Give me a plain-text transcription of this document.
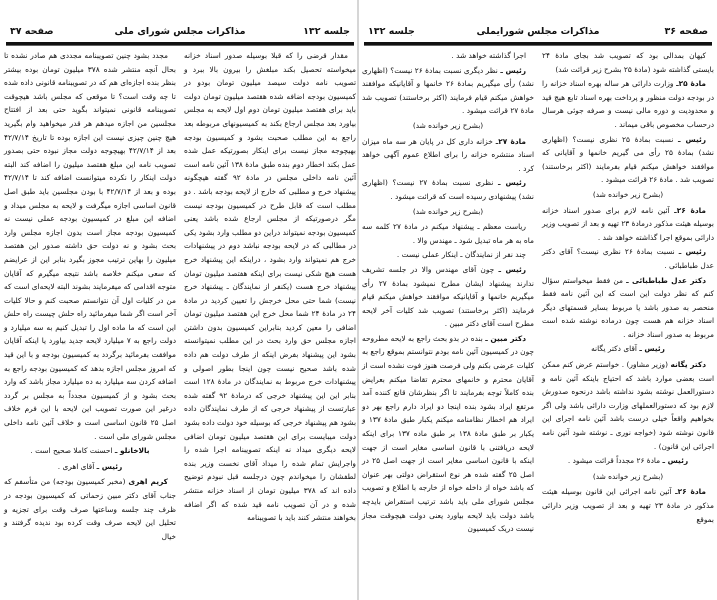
جلسه ۱۳۲
مذاکرات مجلس شورای ملی
صفحه ۳۷

مقدار قرضی را که قبلا بوسیله صدور اسناد خزانه میخواسته تحصیل بکند مبلغش را بیرون بالا ببرد و تصویب نامه دولت سیصد میلیون تومان بودو در کمیسیون بودجه اضافه شده هفتصد میلیون تومان دولت باید برای هفتصد میلیون تومان دوم اول لایحه به مجلس بیاورد بعد مجلس ارجاع بکند به کمیسیونهای مربوطه بعد راجع به این مطلب صحبت بشود و کمیسیون بودجه بهیچوجه مجاز نیست برای اینکار بصورتیکه عمل شده عمل بکند اخطار دوم بنده طبق مادهٔ ۱۳۸ آئین نامه است آئین نامه داخلی مجلس در مادهٔ ۹۲ گفته هیچگونه پیشنهاد خرج و مطلبی که خارج از لایحه بودجه باشد . دو مطلب است که قابل طرح در کمیسیون بودجه نیست مگر درصورتیکه از مجلس ارجاع شده باشد یعنی کمیسیون بودجه نمیتواند دراین دو مطلب وارد بشود یکی در مطالبی که در لایحه بودجه نباشد دوم در پیشنهادات خرج هم نمیتواند وارد بشود ، دراینکه این پیشنهاد خرج هست هیچ شکی نیست برای اینکه هفتصد میلیون تومان پیشنهاد خرج هست (یکنفر از نمایندگان ـ پیشنهاد خرج نیست) شما حتی محل خرجش را تعیین کردید در مادهٔ ۲۴ در مادهٔ ۲۴ شما محل خرج این هفتصد میلیون تومان اضافی را معین کردید بنابراین کمیسیون بدون داشتن اجازه مجلس حق وارد بحث در این مطلب نمیتوانسته بشود این پیشنهاد بفرض اینکه از طرف دولت هم داده شده باشد صحیح نیست چون اینجا بطور اصولی و پیشنهادات خرج مربوط به نمایندگان در مادهٔ ۱۲۸ است بنابر این این پیشنهاد خرجی که درمادهٔ ۹۲ گفته شده عبارتست از پیشنهاد خرجی که از طرف نمایندگان داده بشود هم پیشنهاد خرجی که بوسیله خود دولت داده بشود دولت میبایست برای این هفتصد میلیون تومان اضافی لایحه دیگری میداد نه اینکه تصویبنامه اجرا شده را واجرایش تمام شده را میداد آقای نخست وزیر بنده لطفشان را میخواندم چون درجلسه قبل نبودم توضیح داده اند که ۳۷۸ میلیون تومان از اسناد خزانه منتشر شده و در آن تصویب نامه قید شده که اگر اضافه بخواهند منتشر کنند باید با تصویبنامه

مجدد بشود چنین تصویبنامه مجددی هم صادر نشده تا بحال آنچه منتشر شده ۳۷۸ میلیون تومان بوده بیشتر بنظر بنده اجازه‌ای هم که در تصویبنامه قانونی داده شده تا چه وقت است؟ تا موقعی که مجلس باشد هیچوقت تصویبنامه قانونی نمیتواند بگوید حتی بعد از افتتاح مجلسین من اجازه میدهم هر قدر میخواهید وام بگیرید هیچ چنین چیزی نیست این اجازه بوده تا تاریخ ۴۲/۷/۱۴ بعد از ۴۲/۷/۱۴ بهیچوجه دولت مجاز نبوده حتی بصدور تصویب نامه این مبلغ هفتصد میلیون را اضافه کند البته دولت اینکار را نکرده میتوانست اضافه کند تا ۴۲/۷/۱۴ بوده و بعد از ۴۲/۷/۱۴ با بودن مجلسین باید طبق اصل قانون اساسی اجازه میگرفت و لایحه به مجلس میداد و اضافه این مبلغ در کمیسیون بودجه عملی نیست نه کمیسیون بودجه مجاز است بدون اجازه مجلس وارد بحث بشود و نه دولت حق داشته صدور این هفتصد میلیون را بهاین ترتیب مجوز بگیرد بنابر این از عرایضم که سعی میکنم خلاصه باشد نتیجه میگیرم که آقایان متوجه اقدامی که میفرمایند بشوند البته لایحه‌ای است که من در کلیات اول آن نتوانستم صحبت کنم و حالا کلیات آخر است اگر شما میفرمائید راه حلش چیست راه حلش این است که ما ماده اول را تبدیل کنیم به سه میلیارد و دولت راجع به ۷ میلیارد لایحه جدید بیاورد یا اینکه آقایان موافقت بفرمائید برگردد به کمیسیون بودجه و با این قید که امروز مجلس اجازه بدهد که کمیسیون بودجه راجع به اضافه کردن سه میلیارد به ده میلیارد مجاز باشد که وارد بحث بشود و از کمیسیون مجدداً به مجلس بر گردد درغیر این صورت تصویب این لایحه با این فرم خلاف اصل ۲۵ قانون اساسی است و خلاف آئین نامه داخلی مجلس شورای ملی است .

بالاخانلو ـ احسنت کاملا صحیح است .

رئیس ـ آقای اهری .

کریم اهری (مخبر کمیسیون بودجه) من متأسفم که جناب آقای دکتر مبین زحماتی که کمیسیون بودجه در ظرف چند جلسه وساعتها صرف وقت برای تجزیه و تحلیل این لایحه صرف وقت کرده بود ندیده گرفتند و خیال

صفحه ۳۶
مذاکرات مجلس شورایملی
جلسه ۱۳۲

کیهان بمدالی بود که تصویب شد بجای مادهٔ ۲۴ بایستی گذاشته شود (مادهٔ ۲۵ بشرح زیر قرائت شد)

مادهٔ ۲۵ـ وزارت دارائی هر ساله بهره اسناد خزانه را در بودجه دولت منظور و پرداخت بهره اسناد تابع هیچ قید و محدودیت و دوره مالی نیست و صرفه جوئی هرسال درحساب مخصوص باقی میماند .

رئیس ـ نسبت بمادهٔ ۲۵ نظری نیست؟ (اظهاری نشد) بمادهٔ ۲۵ رأی می گیریم خانمها و آقایانی که موافقند خواهش میکنم قیام بفرمایند (اکثر برخاستند) تصویب شد . مادهٔ ۲۶ قرائت میشود .

(بشرح زیر خوانده شد)

مادهٔ ۲۶ـ آئین نامه لازم برای صدور اسناد خزانه بوسیله هیئت مذکور درمادهٔ ۲۳ تهیه و بعد از تصویب وزیر دارائی بموقع اجرا گذاشته خواهد شد .

رئیس ـ نسبت بمادهٔ ۲۶ نظری نیست؟ آقای دکتر عدل طباطبائی .

دکتر عدل طباطبائی ـ من فقط میخواستم سؤال کنم که نظر دولت این است که این آئین نامه فقط منحصر به صدور باشد یا مربوط بسایر قسمتهای دیگر اسناد خزانه هم هست چون درماده نوشته شده است مربوط به صدور اسناد خزانه .

رئیس ـ آقای دکتر یگانه

دکتر یگانه (وزیر مشاور) . خواستم عرض کنم ممکن است بعضی موارد باشد که احتیاج باینکه آئین نامه و دستورالعمل نوشته بشود نداشته باشد درنحوه صدورش لازم بود که دستورالعملهای وزارت دارائی باشد ولی اگر بخواهیم واقعاً خیلی درست باشد آئین نامه اجرای این قانون نوشته شود (خواجه نوری ـ نوشته شود آئین نامه اجرائی این قانون) .

رئیس ـ مادهٔ ۲۶ مجدداً قرائت میشود .

(بشرح زیر خوانده شد)

مادهٔ ۲۶ـ آئین نامه اجرائی این قانون بوسیله هیئت مذکور در مادهٔ ۲۳ تهیه و بعد از تصویب وزیر دارائی بموقع

اجرا گذاشته خواهد شد .

رئیس ـ نظر دیگری نسبت بمادهٔ ۲۶ نیست؟ (اظهاری نشد) رأی میگیریم بمادهٔ ۲۶ خانمها و آقایانیکه موافقند خواهش میکنم قیام فرمایند (اکثر برخاستند) تصویب شد مادهٔ ۲۷ قرائت میشود .

(بشرح زیر خوانده شد)

مادهٔ ۲۷ـ خزانه داری کل در پایان هر سه ماه میزان اسناد منتشره خزانه را برای اطلاع عموم آگهی خواهد کرد .

رئیس ـ نظری نسبت بمادهٔ ۲۷ نیست؟ (اظهاری نشد) پیشنهادی رسیده است که قرائت میشود .

(بشرح زیر خوانده شد)

ریاست معظم ـ پیشنهاد میکنم در مادهٔ ۲۷ کلمه سه ماه به هر ماه تبدیل شود ـ مهندس والا .

چند نفر از نمایندگان ـ اینکار عملی نیست .

رئیس ـ چون آقای مهندس والا در جلسه تشریف ندارند پیشنهاد ایشان مطرح نمیشود بمادهٔ ۲۷ رأی میگیریم خانمها و آقایانیکه موافقند خواهش میکنم قیام فرمایند (اکثر برخاستند) تصویب شد کلیات آخر لایحه مطرح است آقای دکتر مبین .

دکتر مبین ـ بنده در بدو بحث راجع به لایحه مطروحه چون در کمیسیون آئین نامه بودم نتوانستم بموقع راجع به کلیات عرضی بکنم ولی فرصت هنوز فوت نشده است از آقایان محترم و خانمهای محترم تقاضا میکنم بعرایض بنده کاملاً توجه بفرمایند تا اگر بنظرشان قانع کننده آمد مرتفع ایراد بشود بنده اینجا دو ایراد دارم راجع بهر دو ایراد هم اخطار نظامنامه میکنم یکبار طبق مادهٔ ۱۳۷ و یکبار بر طبق مادهٔ ۱۳۸ بر طبق ماده ۱۳۷ برای اینکه لایحه دریافتنی با قانون اساسی مغایر است از جهت اینکه با قانون اساسی مغایر است از جهت اصل ۲۵ در اصل ۲۵ گفته شده هر نوع استقراض دولتی بهر عنوان که باشد خواه از داخله خواه از خارجه با اطلاع و تصویب مجلس شورای ملی باید باشد ترتیب استقراض بایدچه باشد دولت باید لایحه بیاورد یعنی دولت هیچوقت مجاز نیست دریک کمیسیون
